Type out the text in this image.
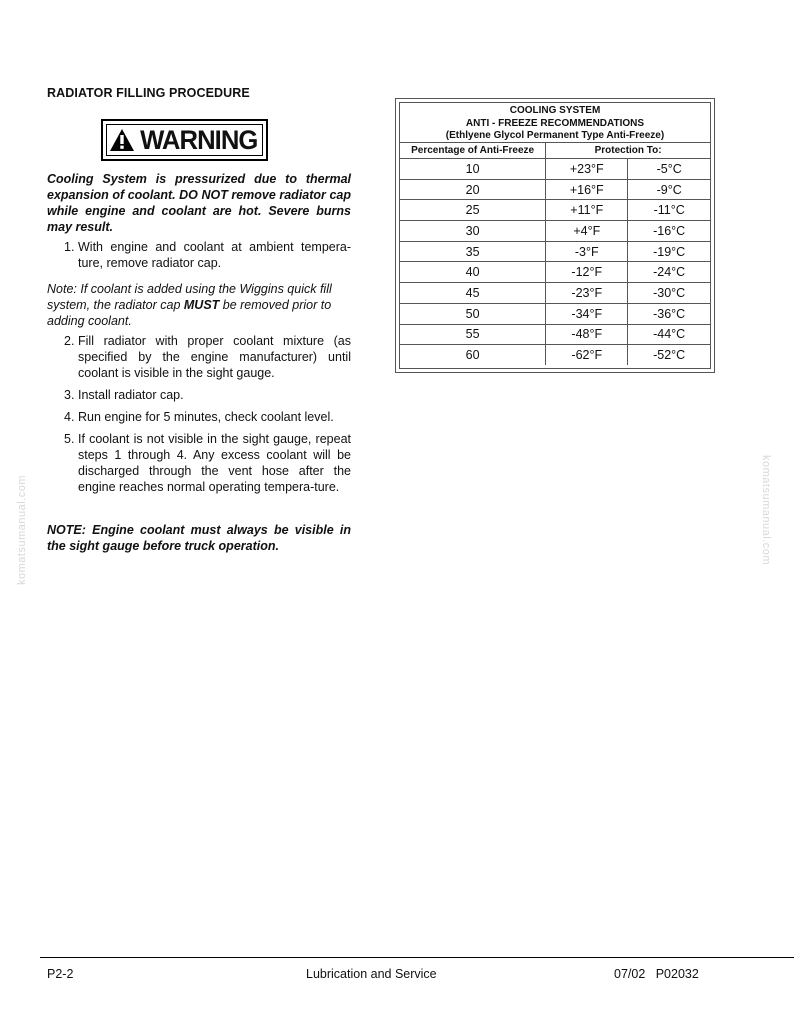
RADIATOR FILLING PROCEDURE
WARNING
Cooling System is pressurized due to thermal expansion of coolant. DO NOT remove radiator cap while engine and coolant are hot. Severe burns may result.
1. With engine and coolant at ambient tempera-ture, remove radiator cap.
Note: If coolant is added using the Wiggins quick fill system, the radiator cap MUST be removed prior to adding coolant.
2. Fill radiator with proper coolant mixture (as specified by the engine manufacturer) until coolant is visible in the sight gauge.
3. Install radiator cap.
4. Run engine for 5 minutes, check coolant level.
5. If coolant is not visible in the sight gauge, repeat steps 1 through 4. Any excess coolant will be discharged through the vent hose after the engine reaches normal operating tempera-ture.
NOTE: Engine coolant must always be visible in the sight gauge before truck operation.
COOLING SYSTEM
ANTI - FREEZE RECOMMENDATIONS
(Ethlyene Glycol Permanent Type Anti-Freeze)
Percentage of Anti-Freeze	Protection To:	
10	+23°F	-5°C
20	+16°F	-9°C
25	+11°F	-11°C
30	+4°F	-16°C
35	-3°F	-19°C
40	-12°F	-24°C
45	-23°F	-30°C
50	-34°F	-36°C
55	-48°F	-44°C
60	-62°F	-52°C
komatsumanual.com	komatsumanual.com
P2-2	Lubrication and Service	07/02   P02032
